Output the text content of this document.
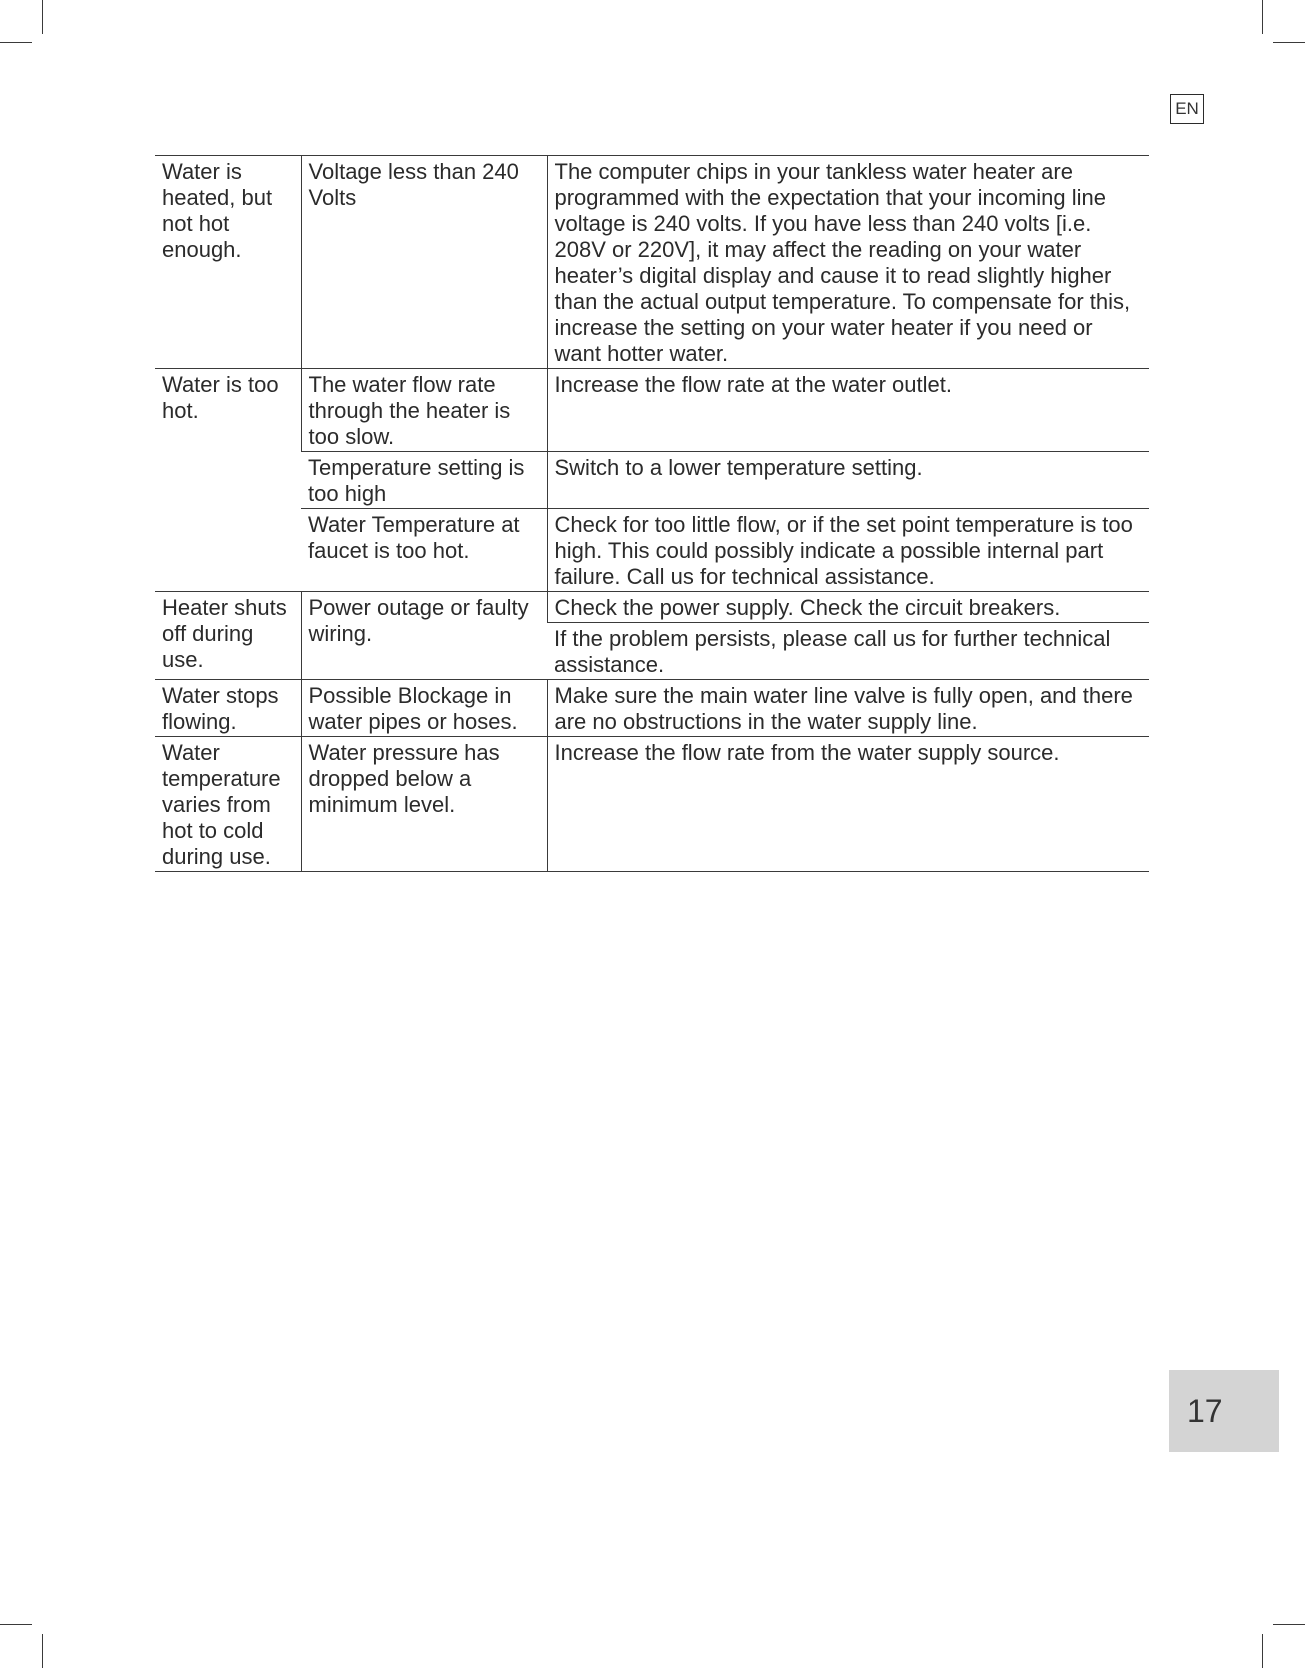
EN
Water is heated, but not hot enough.	Voltage less than 240 Volts	The computer chips in your tankless water heater are programmed with the expectation that your incoming line voltage is 240 volts. If you have less than 240 volts [i.e. 208V or 220V], it may affect the reading on your water heater’s digital display and cause it to read slightly higher than the actual output temperature. To compensate for this, increase the setting on your water heater if you need or want hotter water.
Water is too hot.	The water flow rate through the heater is too slow.	Increase the flow rate at the water outlet.
	Temperature setting is too high	Switch to a lower temperature setting.
	Water Temperature at faucet is too hot.	Check for too little flow, or if the set point temperature is too high. This could possibly indicate a possible internal part failure. Call us for technical assistance.
Heater shuts off during use.	Power outage or faulty wiring.	Check the power supply. Check the circuit breakers.
		If the problem persists, please call us for further technical assistance.
Water stops flowing.	Possible Blockage in water pipes or hoses.	Make sure the main water line valve is fully open, and there are no obstructions in the water supply line.
Water temperature varies from hot to cold during use.	Water pressure has dropped below a minimum level.	Increase the flow rate from the water supply source.
17
